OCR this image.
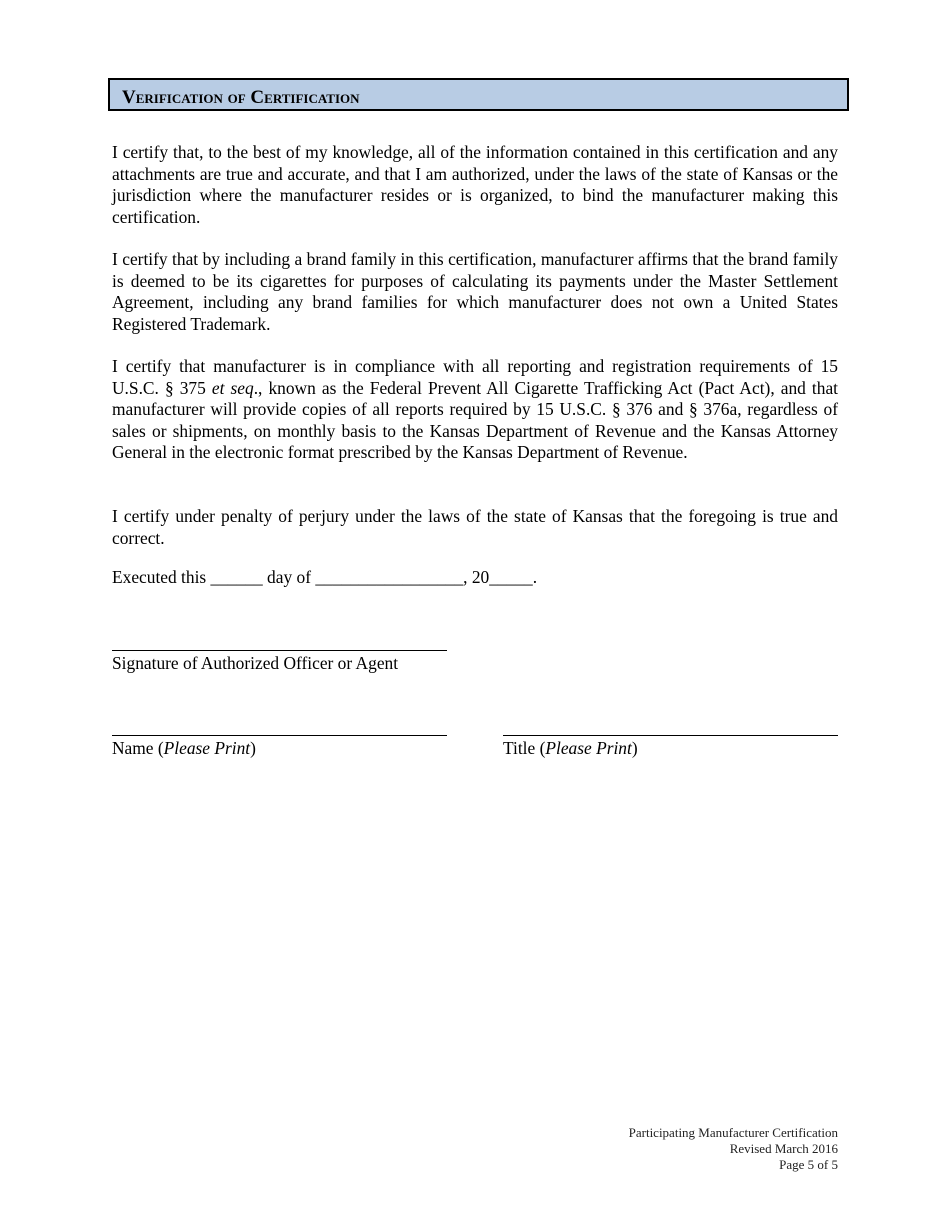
Verification of Certification

I certify that, to the best of my knowledge, all of the information contained in this certification and any attachments are true and accurate, and that I am authorized, under the laws of the state of Kansas or the jurisdiction where the manufacturer resides or is organized, to bind the manufacturer making this certification.

I certify that by including a brand family in this certification, manufacturer affirms that the brand family is deemed to be its cigarettes for purposes of calculating its payments under the Master Settlement Agreement, including any brand families for which manufacturer does not own a United States Registered Trademark.

I certify that manufacturer is in compliance with all reporting and registration requirements of 15 U.S.C. § 375 et seq., known as the Federal Prevent All Cigarette Trafficking Act (Pact Act), and that manufacturer will provide copies of all reports required by 15 U.S.C. § 376 and § 376a, regardless of sales or shipments, on monthly basis to the Kansas Department of Revenue and the Kansas Attorney General in the electronic format prescribed by the Kansas Department of Revenue.

I certify under penalty of perjury under the laws of the state of Kansas that the foregoing is true and correct.

Executed this ______ day of _________________, 20_____.
Signature of Authorized Officer or Agent
Name (Please Print)	Title (Please Print)
Participating Manufacturer Certification
Revised March 2016
Page 5 of 5
